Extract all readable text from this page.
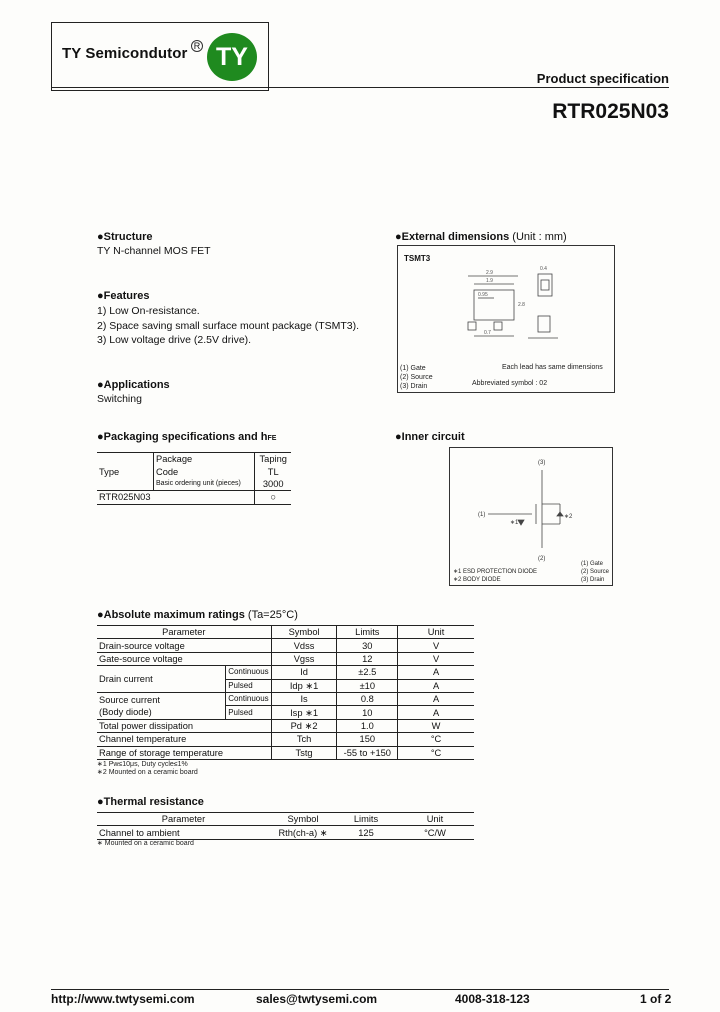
TY Semicondutor R TY
Product specification
RTR025N03
●Structure
TY N-channel MOS FET
●Features
1) Low On-resistance.
2) Space saving small surface mount package (TSMT3).
3) Low voltage drive (2.5V drive).
●Applications
Switching
●Packaging specifications and hFE
Type	Package	Taping
	Code	TL
	Basic ordering unit (pieces)	3000
RTR025N03		○
●External dimensions (Unit : mm)
TSMT3
2.9
1.9
0.95
0.4
0.7
2.8
(1) Gate
(2) Source
(3) Drain
Each lead has same dimensions
Abbreviated symbol : 02
●Inner circuit
(3)
(1)
∗1
∗2
(2)
∗1 ESD PROTECTION DIODE
∗2 BODY DIODE
(1) Gate
(2) Source
(3) Drain
●Absolute maximum ratings (Ta=25°C)
Parameter		Symbol	Limits	Unit
Drain-source voltage		Vdss	30	V
Gate-source voltage		Vgss	12	V
Drain current	Continuous	Id	±2.5	A
	Pulsed	Idp ∗1	±10	A

Source current
(Body diode)	Continuous	Is	0.8	A
	Pulsed	Isp ∗1	10	A
Total power dissipation		Pd ∗2	1.0	W
Channel temperature		Tch	150	°C
Range of storage temperature		Tstg	-55 to +150	°C
∗1 Pw≤10μs, Duty cycle≤1%
∗2 Mounted on a ceramic board
●Thermal resistance
Parameter	Symbol	Limits	Unit
Channel to ambient	Rth(ch-a) ∗	125	°C/W
∗ Mounted on a ceramic board
http://www.twtysemi.com	sales@twtysemi.com	4008-318-123	1 of 2
